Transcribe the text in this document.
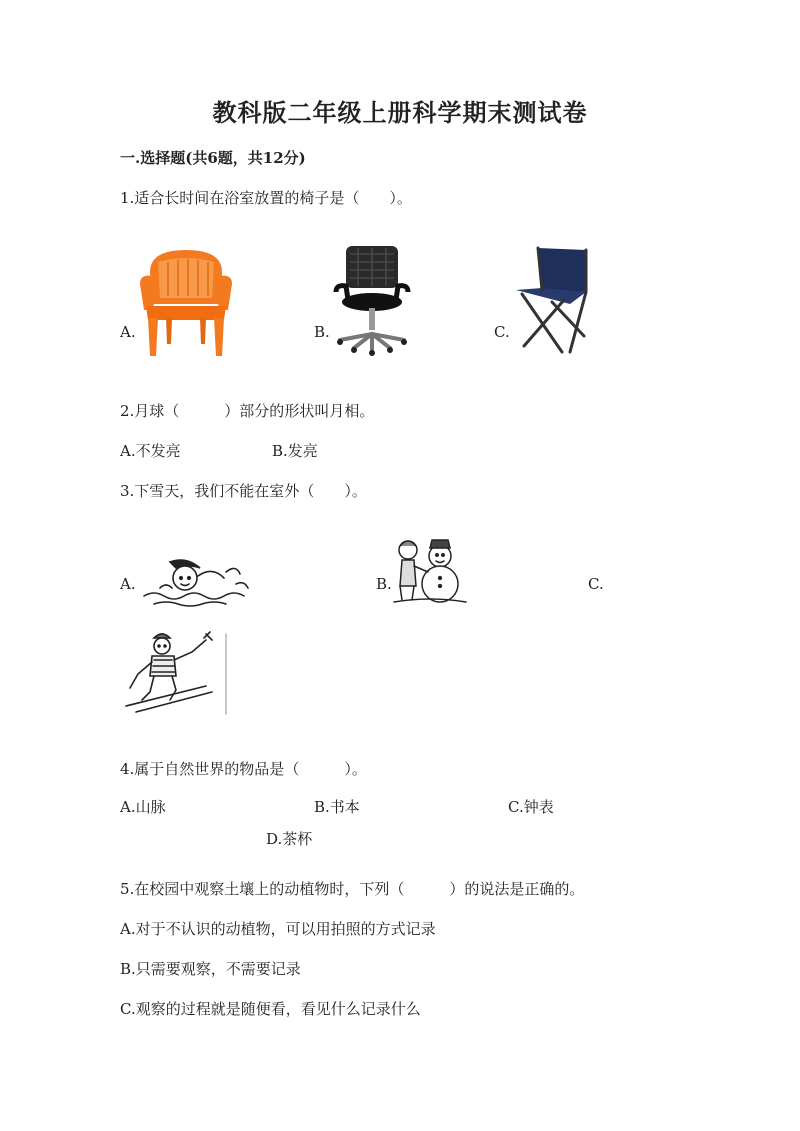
教科版二年级上册科学期末测试卷
一.选择题(共6题，共12分)
1.适合长时间在浴室放置的椅子是（　　）。
A.	B.	C.
2.月球（　　　）部分的形状叫月相。
A.不发亮	B.发亮
3.下雪天，我们不能在室外（　　）。
A.	B.	C.
4.属于自然世界的物品是（　　　）。
A.山脉	B.书本	C.钟表
D.茶杯
5.在校园中观察土壤上的动植物时，下列（　　　）的说法是正确的。
A.对于不认识的动植物，可以用拍照的方式记录
B.只需要观察，不需要记录
C.观察的过程就是随便看，看见什么记录什么
